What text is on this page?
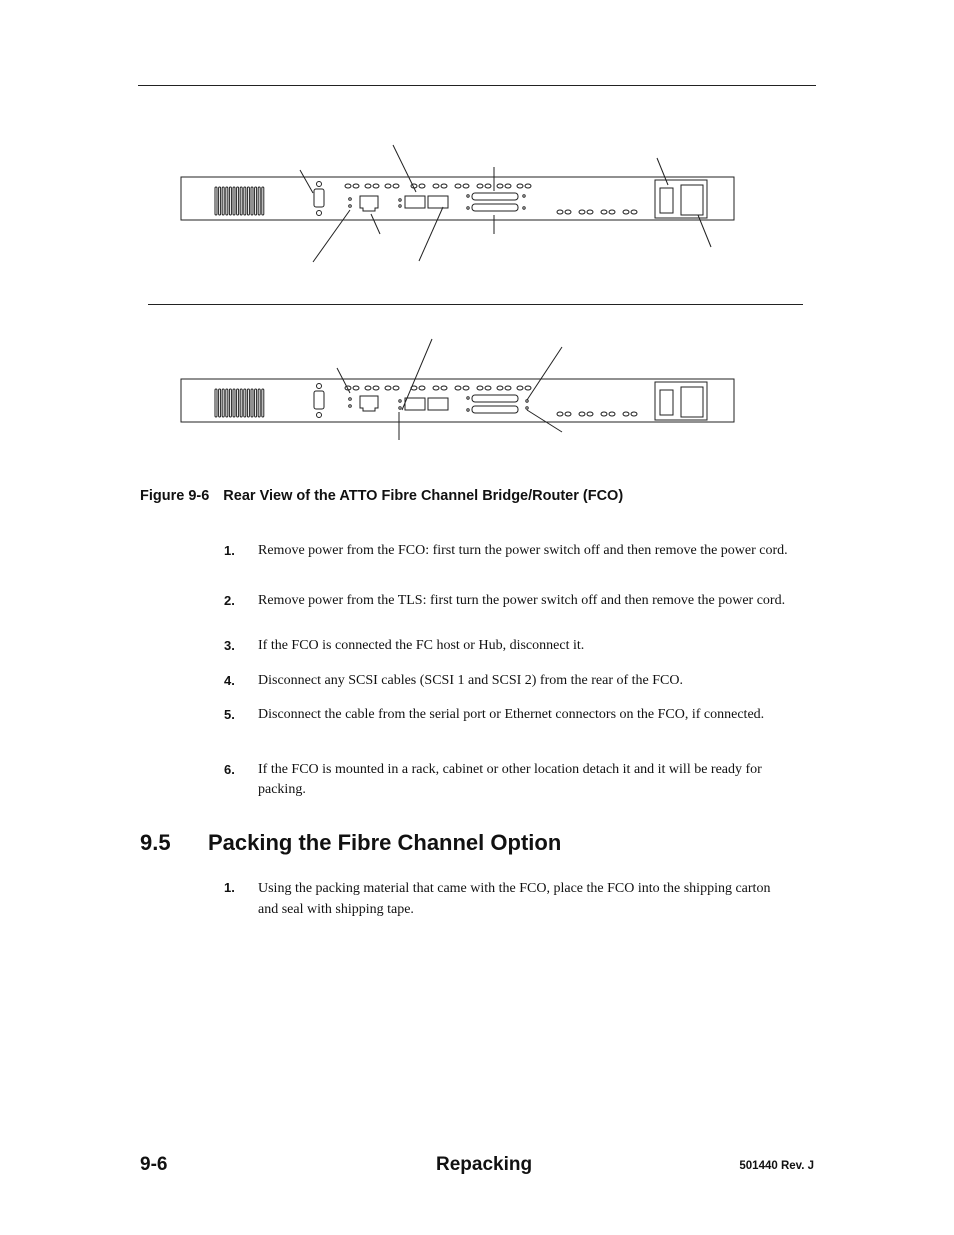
Figure 9-6 Rear View of the ATTO Fibre Channel Bridge/Router (FCO)
1. Remove power from the FCO: first turn the power switch off and then remove the power cord.
2. Remove power from the TLS: first turn the power switch off and then remove the power cord.
3. If the FCO is connected the FC host or Hub, disconnect it.
4. Disconnect any SCSI cables (SCSI 1 and SCSI 2) from the rear of the FCO.
5. Disconnect the cable from the serial port or Ethernet connectors on the FCO, if connected.
6. If the FCO is mounted in a rack, cabinet or other location detach it and it will be ready for packing.
9.5 Packing the Fibre Channel Option
1. Using the packing material that came with the FCO, place the FCO into the shipping carton and seal with shipping tape.
9-6	Repacking	501440 Rev. J
